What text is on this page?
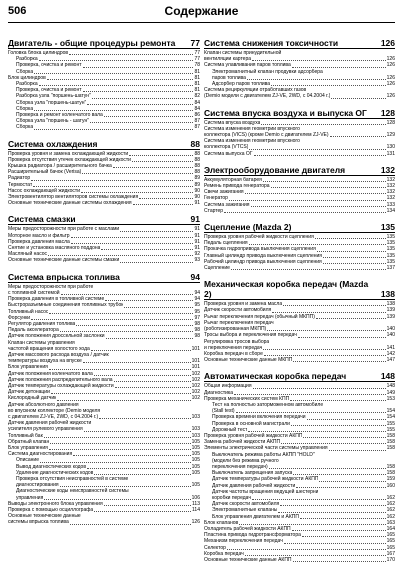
506	Содержание
Двигатель - общие процедуры ремонта	77
Головка блока цилиндров	77
Разборка	77
Проверка, очистка и ремонт	78
Сборка	81
Блок цилиндров	81
Разборка	81
Проверка, очистка и ремонт	81
Разборка узла "поршень-шатун"	82
Сборка узла "поршень-шатун"	84
Сборка	84
Проверка и ремонт коленчатого вала	86
Сборка узла "поршень - шатун"	87
Сборка	87
Система охлаждения	88
Проверка уровня и замена охлаждающей жидкости	88
Проверка отсутствия утечек охлаждающей жидкости	88
Крышка радиатора / расширительного бачка	88
Расширительный бачок (Verisa)	88
Радиатор	89
Термостат	89
Насос охлаждающей жидкости	90
Электровентилятор вентиляторов системы охлаждения	90
Основные технические данные системы охлаждения	91
Система смазки	91
Меры предосторожности при работе с маслами	91
Моторное масло и фильтр	91
Проверка давления масла	91
Снятие и установка масляного поддона	91
Масляный насос	92
Основные технические данные системы смазки	93
Система впрыска топлива	94
Меры предосторожности при работе
с топливной системой	94
Проверка давления в топливной системе	94
Быстроразъемные соединения топливных трубок	95
Топливный насос	95
Форсунки	97
Регулятор давления топлива	98
Педаль акселератора	98
Датчик положения дроссельной заслонки	98
Клапан системы управления
частотой вращения холостого хода	101
Датчик массового расхода воздуха / датчик
температуры воздуха на впуске	101
Блок управления	101
Датчик положения коленчатого вала	102
Датчик положения распределительного вала	102
Датчик температуры охлаждающей жидкости	102
Датчик детонации	102
Кислородный датчик	102
Датчик абсолютного давления
во впускном коллекторе (Demio моделя
с двигателем ZJ-VE, 2WD, с 04.2004 г.)	103
Датчик давления рабочей жидкости
усилителя рулевого управления	103
Топливный бак	103
Обратный клапан	105
Блок управления	105
Система диагностирования	105
Описание	105
Вывод диагностических кодов	105
Удаление диагностических кодов	105
Проверка отсутствия неисправностей в системе
диагностирования	105
Диагностические коды неисправностей системы
управления	106
Выводы электронного блока управления	113
Проверка с помощью осциллографа	114
Основные технические данные
системы впрыска топлива	126
Система снижения токсичности	126
Клапан системы принудительной
вентиляции картера	126
Система улавливания паров топлива	126
Электромагнитный клапан продувки адсорбера
паров топлива	126
Адсорбер паров топлива	126
Система рециркуляции отработавших газов
(Demio модели с двигателем ZJ-VE, 2WD, с 04.2004 г.)	126
Система впуска воздуха и выпуска ОГ	128
Система впуска воздуха	128
Система изменения геометрии впускного
коллектора (VICS) (кроме Demio с двигателем ZJ-VE)	129
Система изменения геометрии впускного
коллектора (VTCS)	130
Система выпуска ОГ	131
Электрооборудование двигателя	132
Аккумуляторная батарея	132
Ремень привода генератора	132
Свечи зажигания	132
Генератор	132
Система зажигания	133
Стартер	134
Сцепление (Mazda 2)	135
Проверка уровня рабочей жидкости сцепления	135
Педаль сцепления	135
Прокачка гидропривода выключения сцепления	135
Главный цилиндр привода выключения сцепления	135
Рабочий цилиндр привода выключения сцепления	135
Сцепление	137
Механическая коробка передач (Mazda 2)	138
Проверка уровня и замена масла	138
Датчик скорости автомобиля	139
Рычаг переключения передач (обычный МКПП)	139
Рычаг переключения передач
(роботизированная МКПП)	140
Тросы выбора и переключения передач	140
Регулировка тросов выбора
и переключения передач	141
Коробка передач в сборе	142
Основные технические данные МКПП	147
Автоматическая коробка передач	148
Общая информация	148
Диагностика	149
Проверка механических систем КПП	153
Тест на полностью заторможенном автомобиле
(Stall test)	154
Проверка времени включения передачи	154
Проверка в основной магистрали	155
Дорожный тест	155
Проверка уровня рабочей жидкости АКПП	158
Замена рабочей жидкости АКПП	158
Элементы электрической части системы управления	158
Выключатель режима работы АКПП "HOLD"
(модели без режима ручного
переключения передач)	158
Выключатель запрещения запуска	158
Датчик температуры рабочей жидкости АКПП	159
Датчик давления рабочей жидкости	160
Датчик частоты вращения ведущей шестерни
коробки передач	162
Датчик скорости автомобиля	162
Электромагнитные клапаны	162
Блок управления двигателем и АКПП	162
Блок клапанов	163
Охладитель рабочей жидкости АКПП	164
Пластина привода гидротрансформатора	165
Механизм переключения передач	165
Селектор	165
Коробка передач	167
Основные технические данные АКПП	170
